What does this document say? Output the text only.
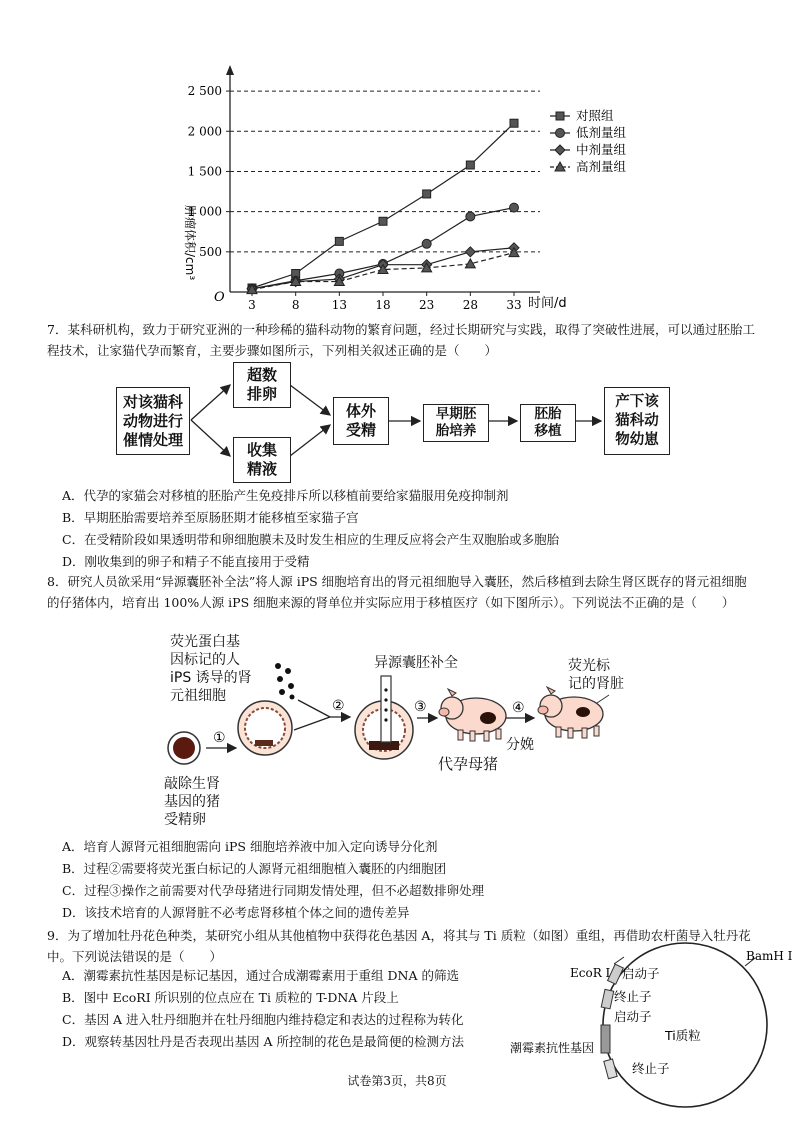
500
1 000
1 500
2 000
2 500
3	8	13 18 23 28 33
对照组
低剂量组
中剂量组
高剂量组
肿瘤体积/cm³
时间/d
O
7．某科研机构，致力于研究亚洲的一种珍稀的猫科动物的繁育问题，经过长期研究与实践，取得了突破性进展，可以通过胚胎工程技术，让家猫代孕而繁育，主要步骤如图所示，下列相关叙述正确的是（　　）
对该猫科
动物进行
催情处理
超数
排卵
收集
精液
体外
受精
早期胚
胎培养
胚胎
移植
产下该
猫科动
物幼崽
A．代孕的家猫会对移植的胚胎产生免疫排斥所以移植前要给家猫服用免疫抑制剂
B．早期胚胎需要培养至原肠胚期才能移植至家猫子宫
C．在受精阶段如果透明带和卵细胞膜未及时发生相应的生理反应将会产生双胞胎或多胞胎
D．刚收集到的卵子和精子不能直接用于受精
8．研究人员欲采用“异源囊胚补全法”将人源 iPS 细胞培育出的肾元祖细胞导入囊胚，然后移植到去除生肾区既存的肾元祖细胞的仔猪体内，培育出 100%人源 iPS 细胞来源的肾单位并实际应用于移植医疗（如下图所示）。下列说法不正确的是（　　）
荧光蛋白基
因标记的人
iPS 诱导的肾
元祖细胞
敲除生肾
基因的猪
受精卵
异源囊胚补全	荧光标
记的肾脏
代孕母猪
分娩
①
②	③	④
A．培育人源肾元祖细胞需向 iPS 细胞培养液中加入定向诱导分化剂
B．过程②需要将荧光蛋白标记的人源肾元祖细胞植入囊胚的内细胞团
C．过程③操作之前需要对代孕母猪进行同期发情处理，但不必超数排卵处理
D．该技术培育的人源肾脏不必考虑肾移植个体之间的遗传差异
9．为了增加牡丹花色种类，某研究小组从其他植物中获得花色基因 A，将其与 Ti 质粒（如图）重组，再借助农杆菌导入牡丹花中。下列说法错误的是（　　）
A．潮霉素抗性基因是标记基因，通过合成潮霉素用于重组 DNA 的筛选
B．图中 EcoRI 所识别的位点应在 Ti 质粒的 T-DNA 片段上
C．基因 A 进入牡丹细胞并在牡丹细胞内维持稳定和表达的过程称为转化
D．观察转基因牡丹是否表现出基因 A 所控制的花色是最简便的检测方法
EcoR Ⅰ
BamH Ⅰ
启动子
终止子
启动子
Ti质粒
潮霉素抗性基因
终止子
试卷第3页，共8页
